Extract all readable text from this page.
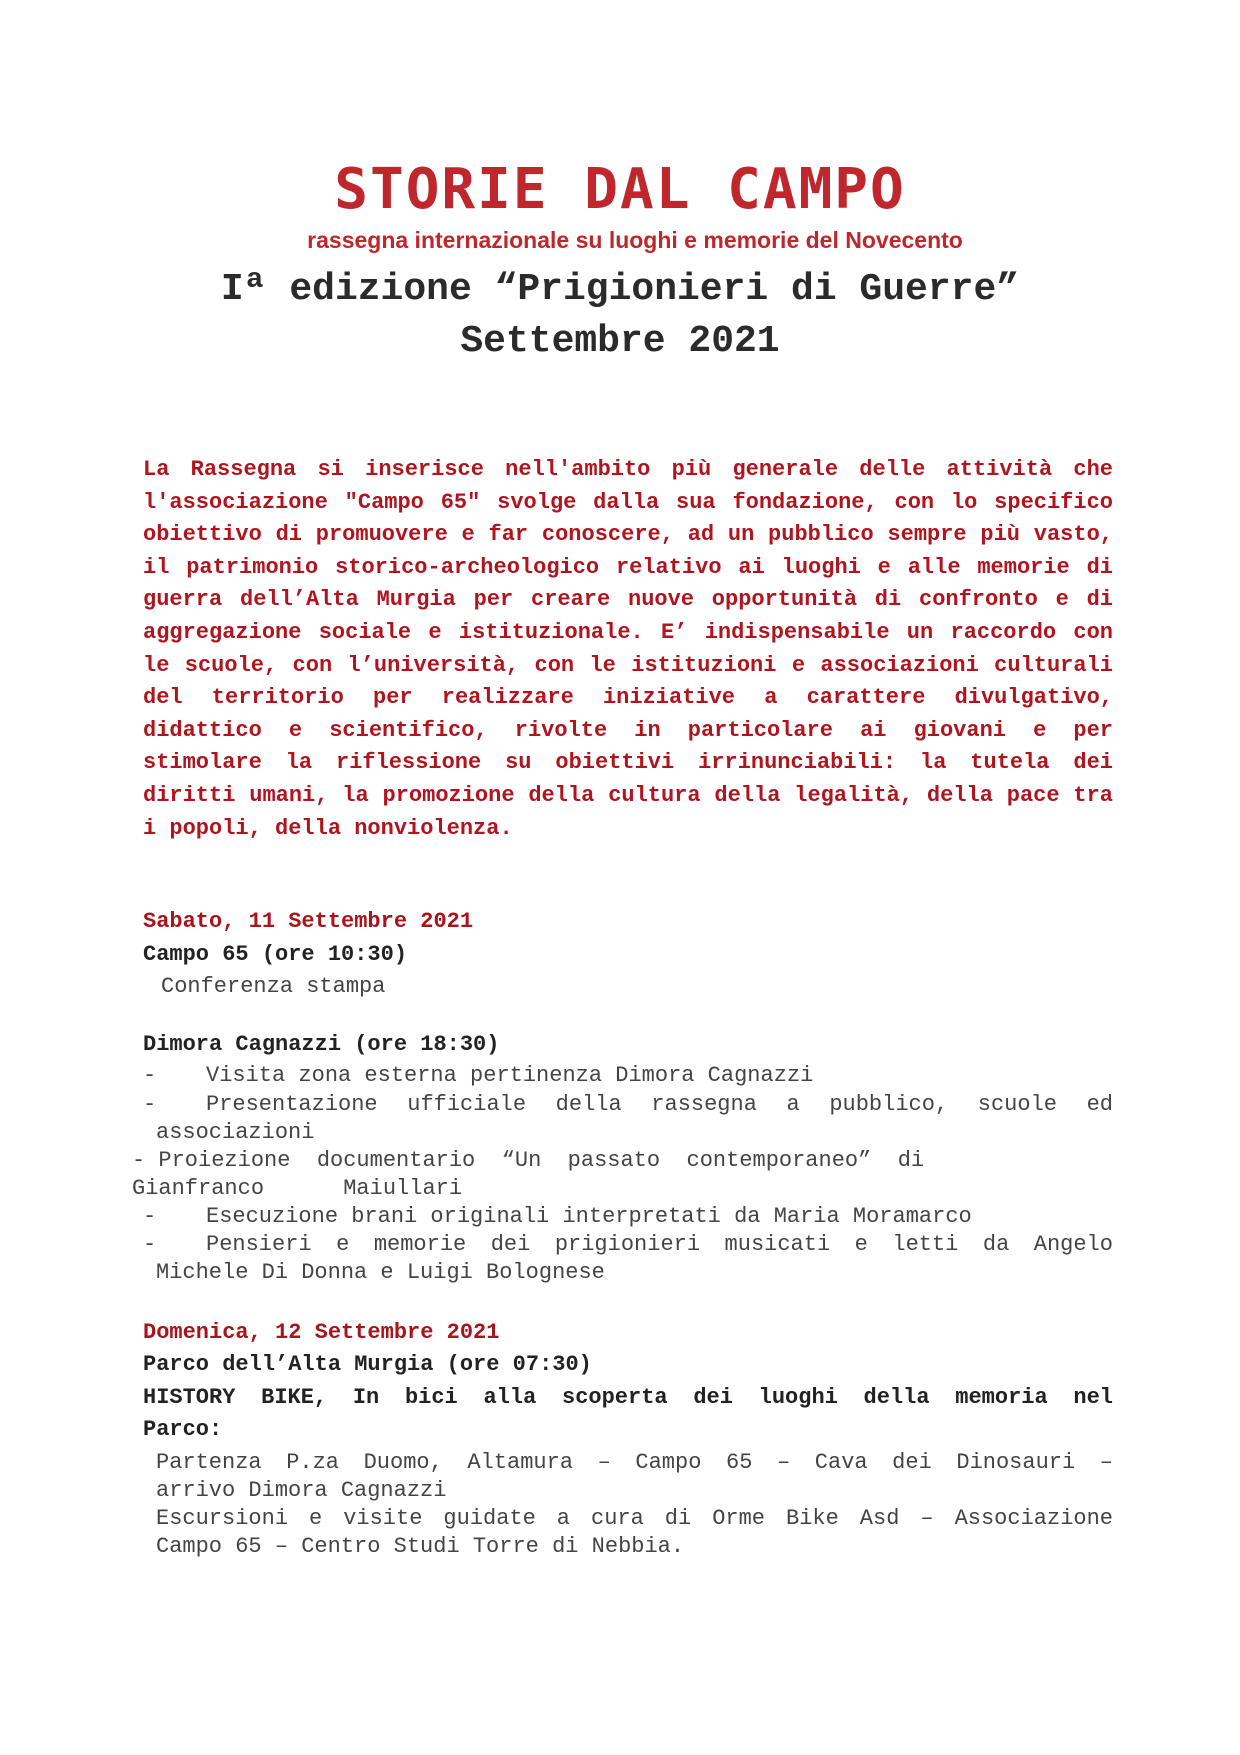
STORIE DAL CAMPO
rassegna internazionale su luoghi e memorie del Novecento
Iª edizione “Prigionieri di Guerre”
Settembre 2021

La Rassegna si inserisce nell'ambito più generale delle attività che l'associazione "Campo 65" svolge dalla sua fondazione, con lo specifico obiettivo di promuovere e far conoscere, ad un pubblico sempre più vasto, il patrimonio storico-archeologico relativo ai luoghi e alle memorie di guerra dell’Alta Murgia per creare nuove opportunità di confronto e di aggregazione sociale e istituzionale. E’ indispensabile un raccordo con le scuole, con l’università, con le istituzioni e associazioni culturali del territorio per realizzare iniziative a carattere divulgativo, didattico e scientifico, rivolte in particolare ai giovani e per stimolare la riflessione su obiettivi irrinunciabili: la tutela dei diritti umani, la promozione della cultura della legalità, della pace tra i popoli, della nonviolenza.

Sabato, 11 Settembre 2021
Campo 65 (ore 10:30)
Conferenza stampa
Dimora Cagnazzi (ore 18:30)
- Visita zona esterna pertinenza Dimora Cagnazzi
- Presentazione ufficiale della rassegna a pubblico, scuole ed
associazioni
- Proiezione  documentario  “Un  passato  contemporaneo”  di
Gianfranco      Maiullari
- Esecuzione brani originali interpretati da Maria Moramarco
- Pensieri e memorie dei prigionieri musicati e letti da Angelo
Michele Di Donna e Luigi Bolognese
Domenica, 12 Settembre 2021
Parco dell’Alta Murgia (ore 07:30)
HISTORY BIKE, In bici alla scoperta dei luoghi della memoria nel
Parco:
Partenza P.za Duomo, Altamura – Campo 65 – Cava dei Dinosauri –
arrivo Dimora Cagnazzi
Escursioni e visite guidate a cura di Orme Bike Asd – Associazione
Campo 65 – Centro Studi Torre di Nebbia.
